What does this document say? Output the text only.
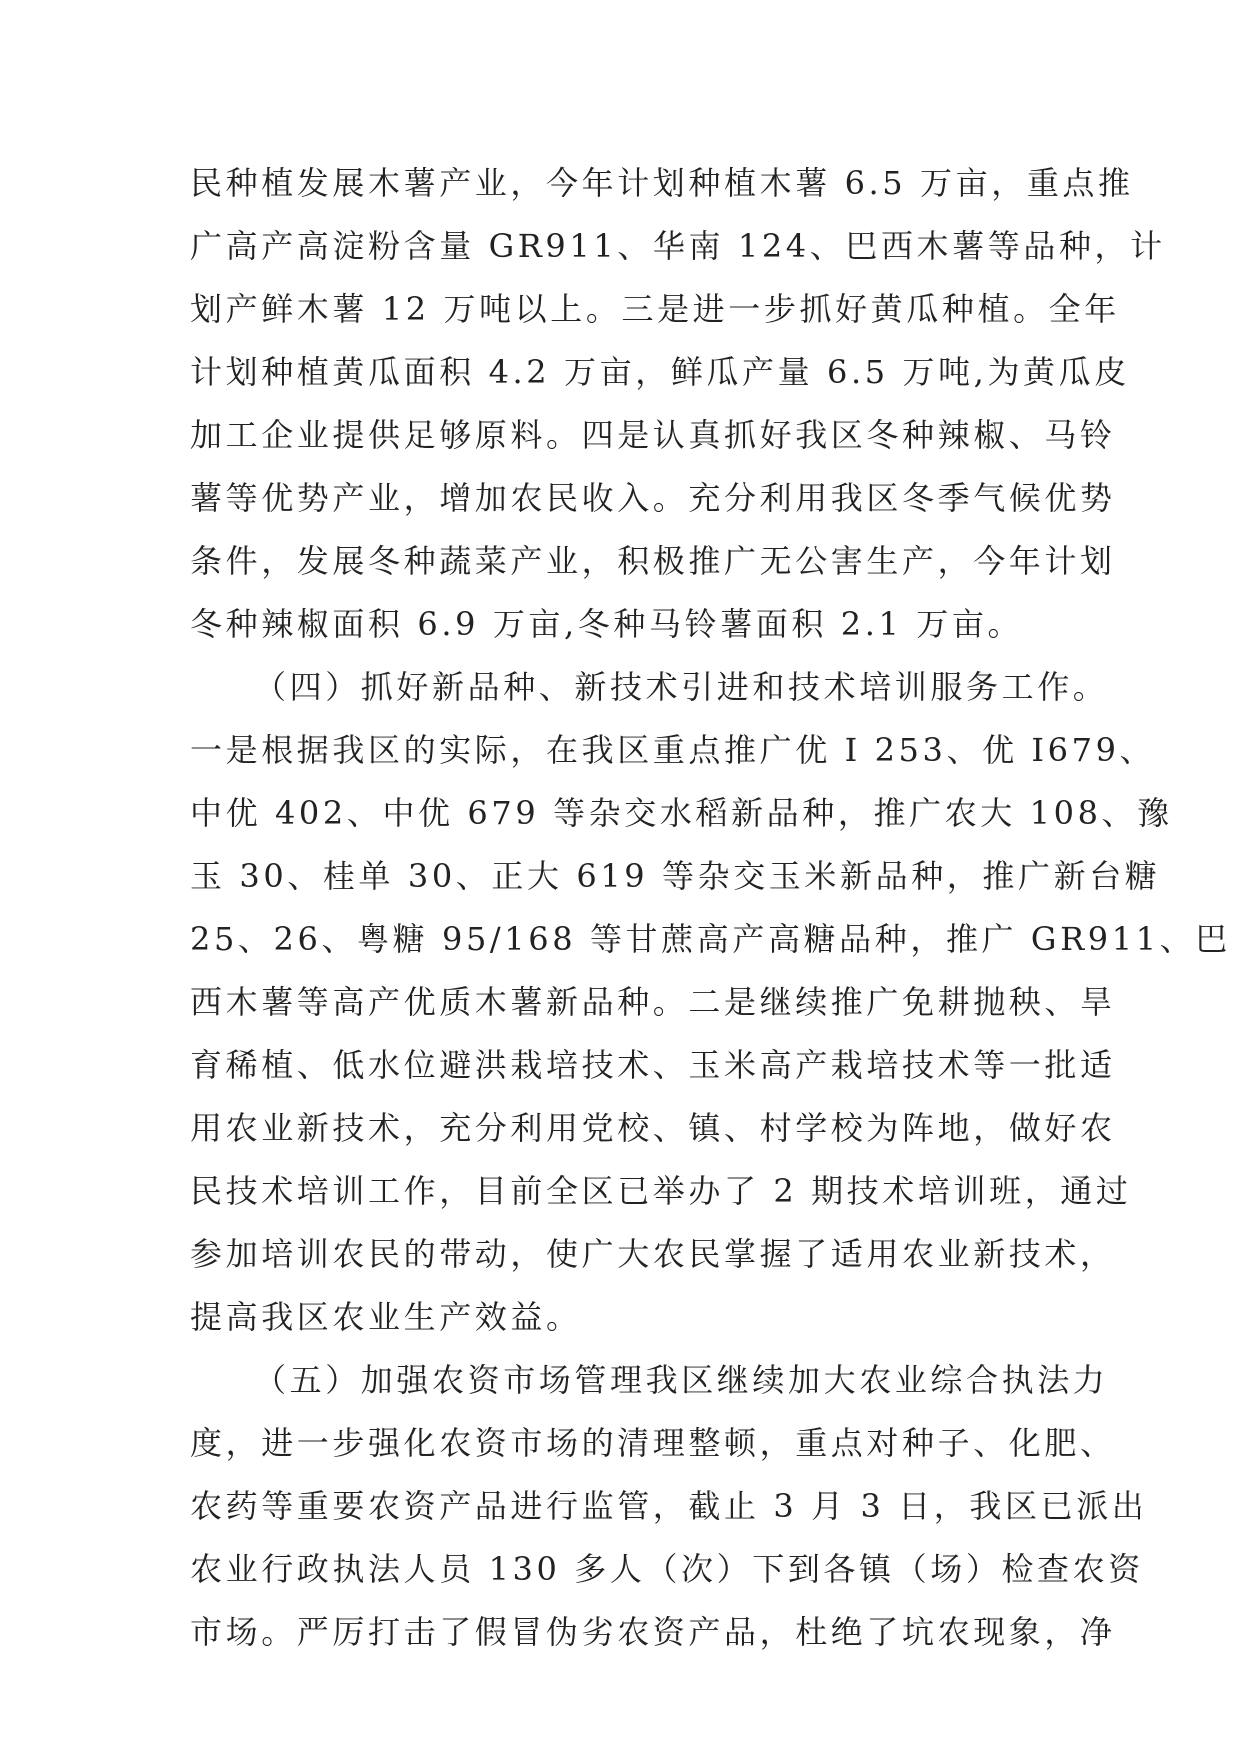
民种植发展木薯产业，今年计划种植木薯 6.5 万亩，重点推
广高产高淀粉含量 GR911、华南 124、巴西木薯等品种，计
划产鲜木薯 12 万吨以上。三是进一步抓好黄瓜种植。全年
计划种植黄瓜面积 4.2 万亩，鲜瓜产量 6.5 万吨,为黄瓜皮
加工企业提供足够原料。四是认真抓好我区冬种辣椒、马铃
薯等优势产业，增加农民收入。充分利用我区冬季气候优势
条件，发展冬种蔬菜产业，积极推广无公害生产，今年计划
冬种辣椒面积 6.9 万亩,冬种马铃薯面积 2.1 万亩。
（四）抓好新品种、新技术引进和技术培训服务工作。
一是根据我区的实际，在我区重点推广优 I 253、优 I679、
中优 402、中优 679 等杂交水稻新品种，推广农大 108、豫
玉 30、桂单 30、正大 619 等杂交玉米新品种，推广新台糖
25、26、粤糖 95/168 等甘蔗高产高糖品种，推广 GR911、巴
西木薯等高产优质木薯新品种。二是继续推广免耕抛秧、旱
育稀植、低水位避洪栽培技术、玉米高产栽培技术等一批适
用农业新技术，充分利用党校、镇、村学校为阵地，做好农
民技术培训工作，目前全区已举办了 2 期技术培训班，通过
参加培训农民的带动，使广大农民掌握了适用农业新技术，
提高我区农业生产效益。
（五）加强农资市场管理我区继续加大农业综合执法力
度，进一步强化农资市场的清理整顿，重点对种子、化肥、
农药等重要农资产品进行监管，截止 3 月 3 日，我区已派出
农业行政执法人员 130 多人（次）下到各镇（场）检查农资
市场。严厉打击了假冒伪劣农资产品，杜绝了坑农现象，净
